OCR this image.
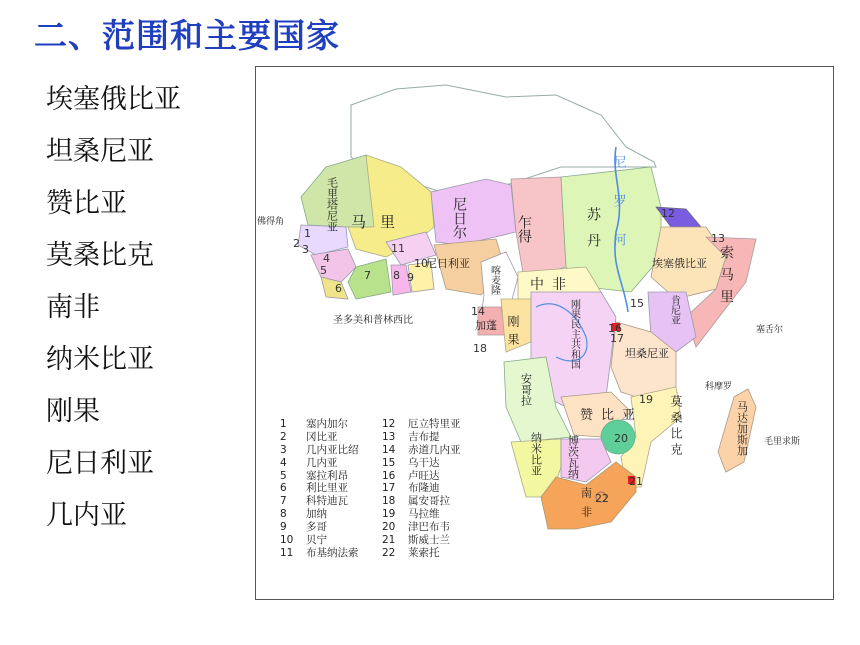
二、范围和主要国家
埃塞俄比亚
坦桑尼亚
赞比亚
莫桑比克
南非
纳米比亚
刚果
尼日利亚
几内亚
毛里塔尼亚 马里	尼日尔	乍得	苏丹
埃塞俄比亚 索马里
尼日利亚
喀麦隆 中非
刚果
加蓬	刚果民主共和国	肯尼亚
坦桑尼亚
安哥拉
赞比亚 莫桑比克
纳米比亚 博茨瓦纳
南非
马达加斯加
尼罗河
佛得角
圣多美和普林西比
塞舌尔
科摩罗
毛里求斯
1
2 3
4
5
6
7 8 9
10
11
12
13
14
15
16
17
18
19
20
21
22
1 塞内加尔
2 冈比亚
3 几内亚比绍
4 几内亚
5 塞拉利昂
6 利比里亚
7 科特迪瓦
8 加纳
9 多哥
10 贝宁
11 布基纳法索
12 厄立特里亚
13 吉布提
14 赤道几内亚
15 乌干达
16 卢旺达
17 布隆迪
18 属安哥拉
19 马拉维
20 津巴布韦
21 斯威士兰
22 莱索托
